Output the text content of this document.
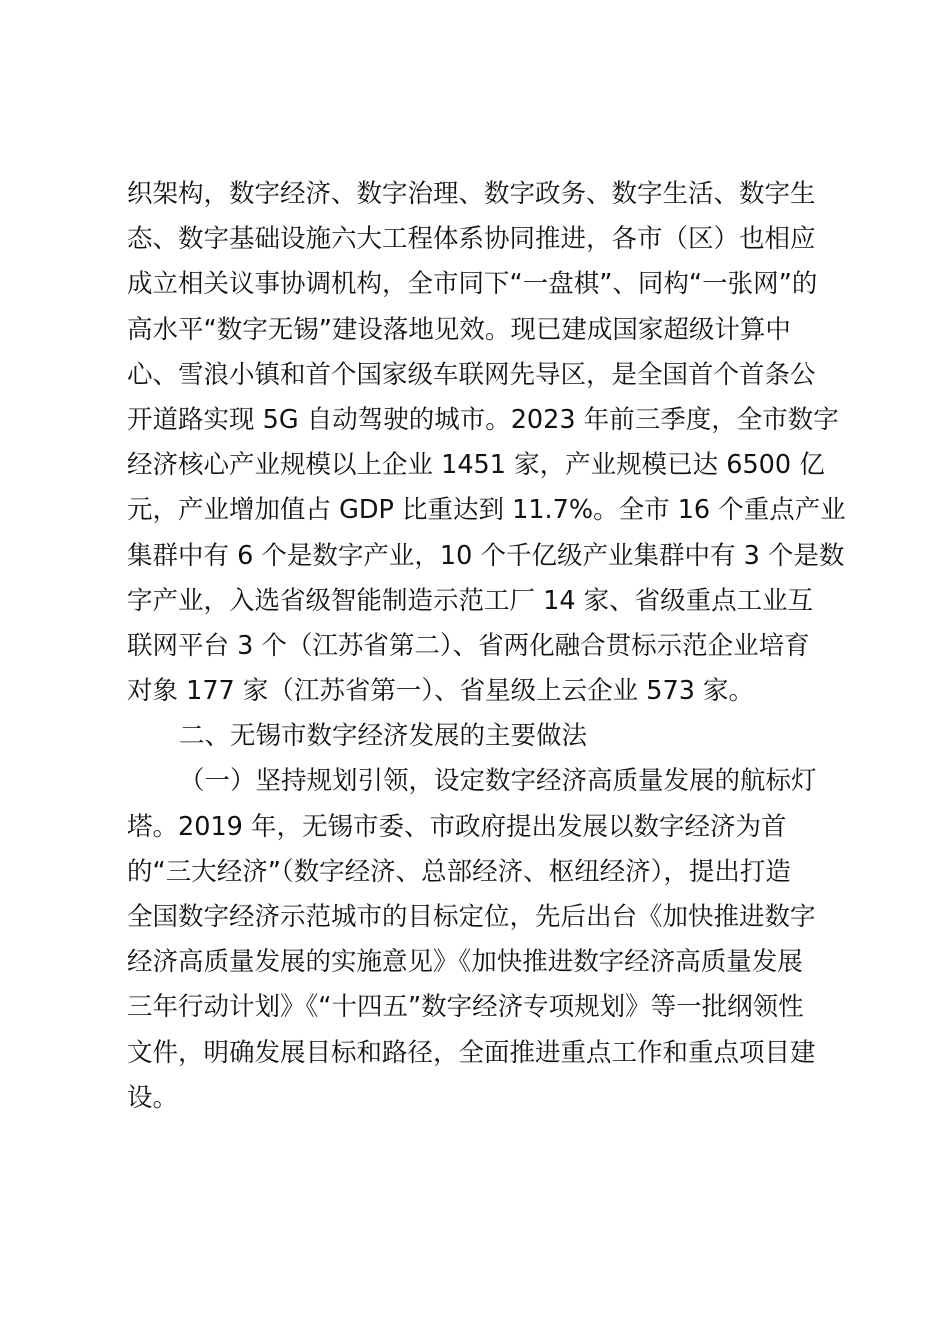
织架构，数字经济、数字治理、数字政务、数字生活、数字生
态、数字基础设施六大工程体系协同推进，各市（区）也相应
成立相关议事协调机构，全市同下“一盘棋”、同构“一张网”的
高水平“数字无锡”建设落地见效。现已建成国家超级计算中
心、雪浪小镇和首个国家级车联网先导区，是全国首个首条公
开道路实现 5G 自动驾驶的城市。2023 年前三季度，全市数字
经济核心产业规模以上企业 1451 家，产业规模已达 6500 亿
元，产业增加值占 GDP 比重达到 11.7%。全市 16 个重点产业
集群中有 6 个是数字产业，10 个千亿级产业集群中有 3 个是数
字产业，入选省级智能制造示范工厂 14 家、省级重点工业互
联网平台 3 个（江苏省第二）、省两化融合贯标示范企业培育
对象 177 家（江苏省第一）、省星级上云企业 573 家。
二、无锡市数字经济发展的主要做法
（一）坚持规划引领，设定数字经济高质量发展的航标灯
塔。2019 年，无锡市委、市政府提出发展以数字经济为首
的“三大经济”（数字经济、总部经济、枢纽经济），提出打造
全国数字经济示范城市的目标定位，先后出台《加快推进数字
经济高质量发展的实施意见》《加快推进数字经济高质量发展
三年行动计划》《“十四五”数字经济专项规划》等一批纲领性
文件，明确发展目标和路径，全面推进重点工作和重点项目建
设。
